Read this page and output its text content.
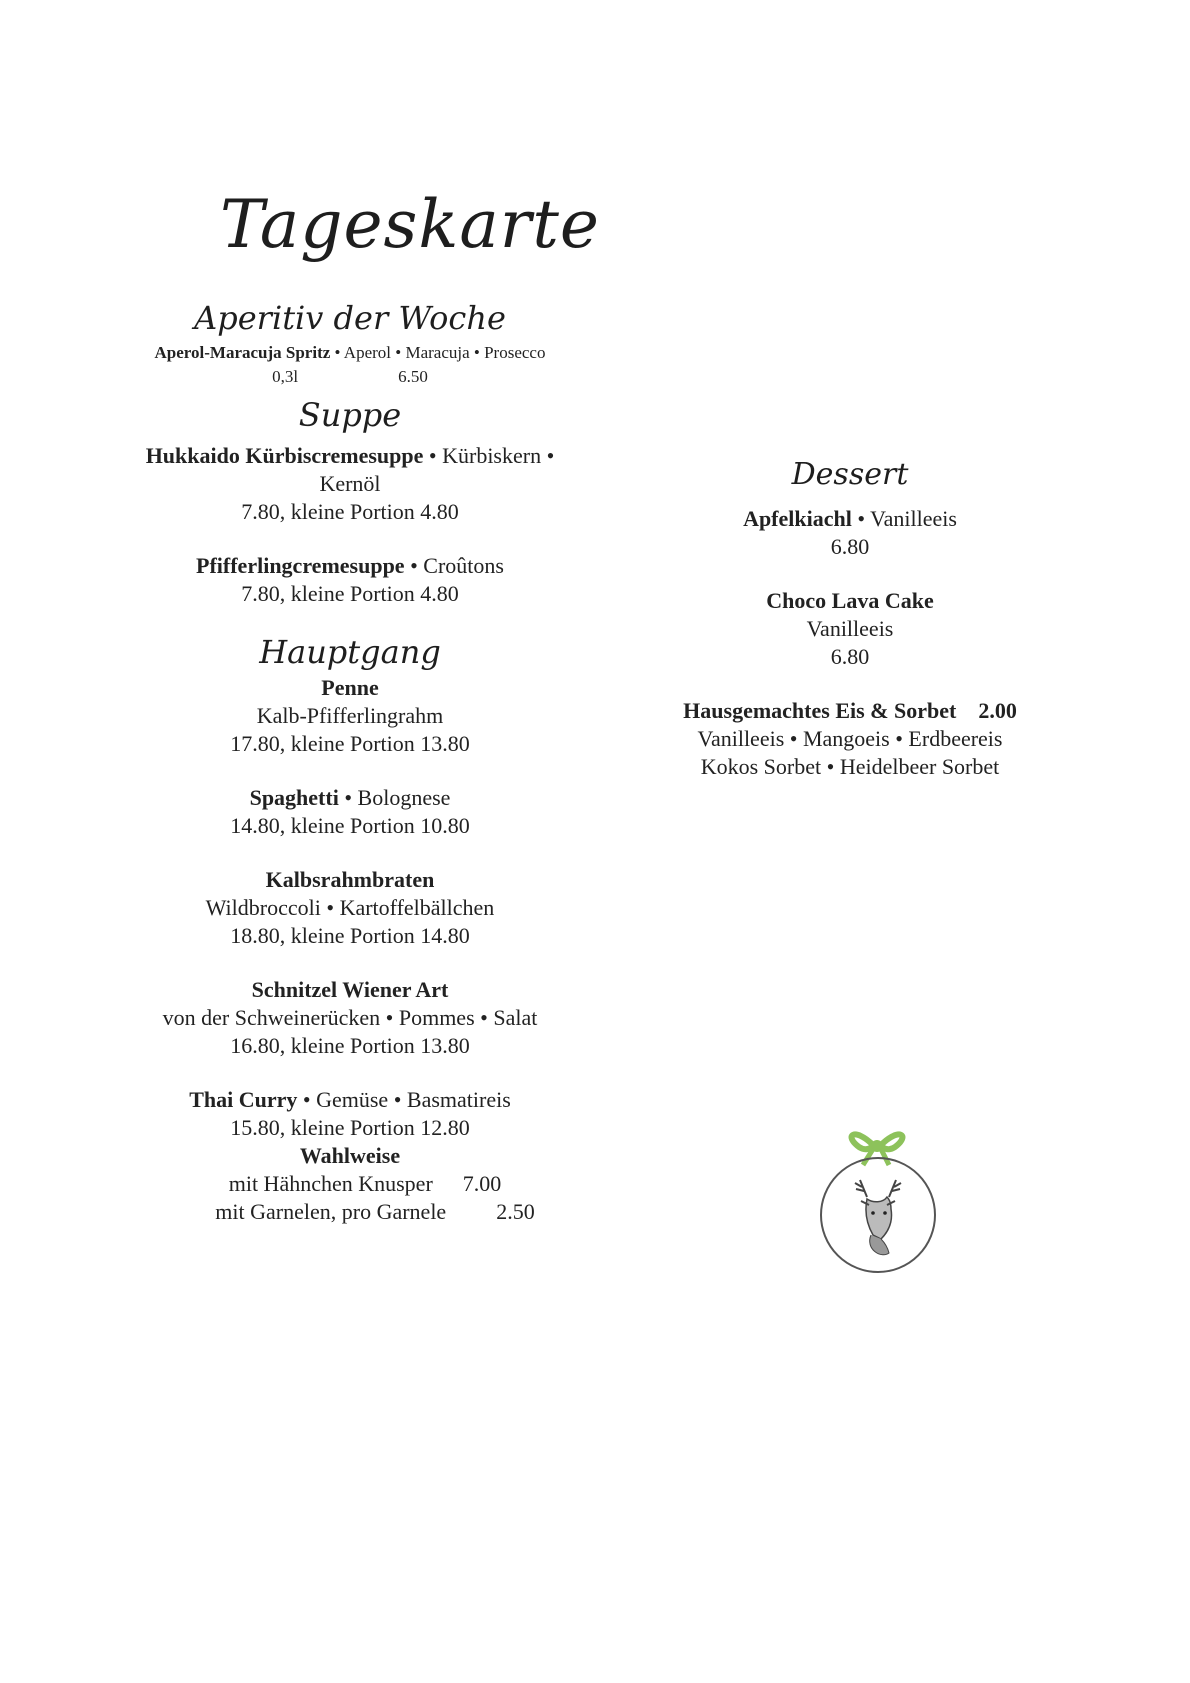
Tageskarte
Aperitiv der Woche
Aperol-Maracuja Spritz • Aperol • Maracuja • Prosecco
0,3l	6.50
Suppe
Hukkaido Kürbiscremesuppe • Kürbiskern •
Kernöl
7.80, kleine Portion 4.80
Pfifferlingcremesuppe • Croûtons
7.80, kleine Portion 4.80
Hauptgang
Penne
Kalb-Pfifferlingrahm
17.80, kleine Portion 13.80
Spaghetti • Bolognese
14.80, kleine Portion 10.80
Kalbsrahmbraten
Wildbroccoli • Kartoffelbällchen
18.80, kleine Portion 14.80
Schnitzel Wiener Art
von der Schweinerücken • Pommes • Salat
16.80, kleine Portion 13.80
Thai Curry • Gemüse • Basmatireis
15.80, kleine Portion 12.80
Wahlweise
mit Hähnchen Knusper 7.00
mit Garnelen, pro Garnele 2.50
Dessert
Apfelkiachl • Vanilleeis
6.80
Choco Lava Cake
Vanilleeis
6.80
Hausgemachtes Eis & Sorbet 2.00
Vanilleeis • Mangoeis • Erdbeereis
Kokos Sorbet • Heidelbeer Sorbet
